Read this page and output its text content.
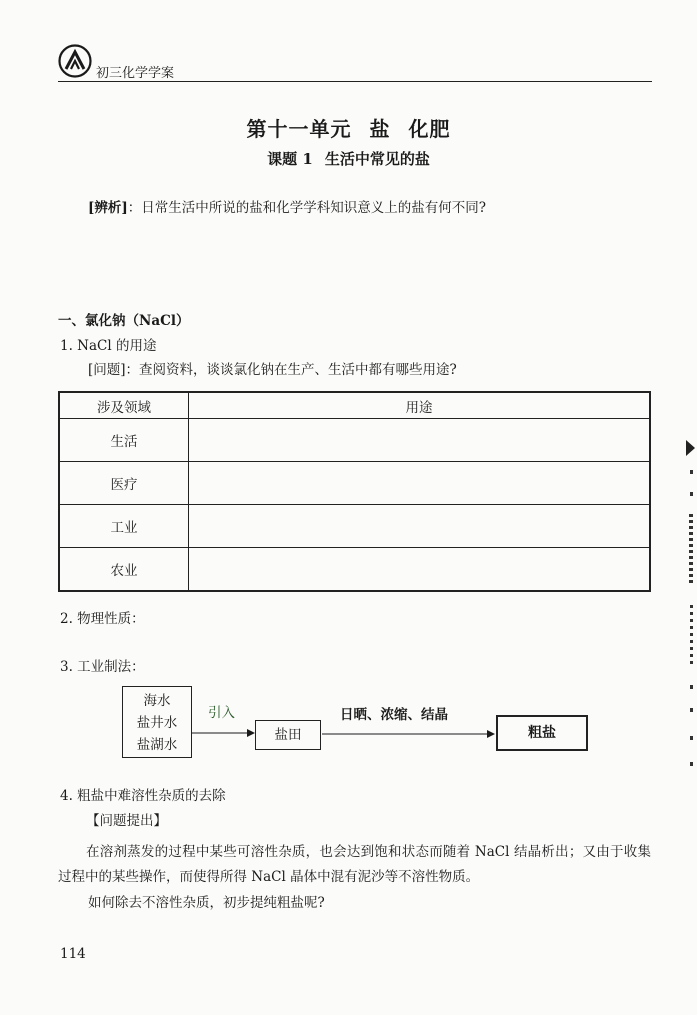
初三化学学案
第十一单元 盐 化肥
课题 1 生活中常见的盐
[辨析]：日常生活中所说的盐和化学学科知识意义上的盐有何不同?
一、氯化钠（NaCl）
1. NaCl 的用途
[问题]：查阅资料，谈谈氯化钠在生产、生活中都有哪些用途?
涉及领域	用途
生活	
医疗	
工业	
农业	
2. 物理性质：
3. 工业制法：
海水
盐井水
盐湖水
引入
盐田
日晒、浓缩、结晶
粗盐
4. 粗盐中难溶性杂质的去除
【问题提出】
在溶剂蒸发的过程中某些可溶性杂质，也会达到饱和状态而随着 NaCl 结晶析出；又由于收集过程中的某些操作，而使得所得 NaCl 晶体中混有泥沙等不溶性物质。
如何除去不溶性杂质，初步提纯粗盐呢?
114
